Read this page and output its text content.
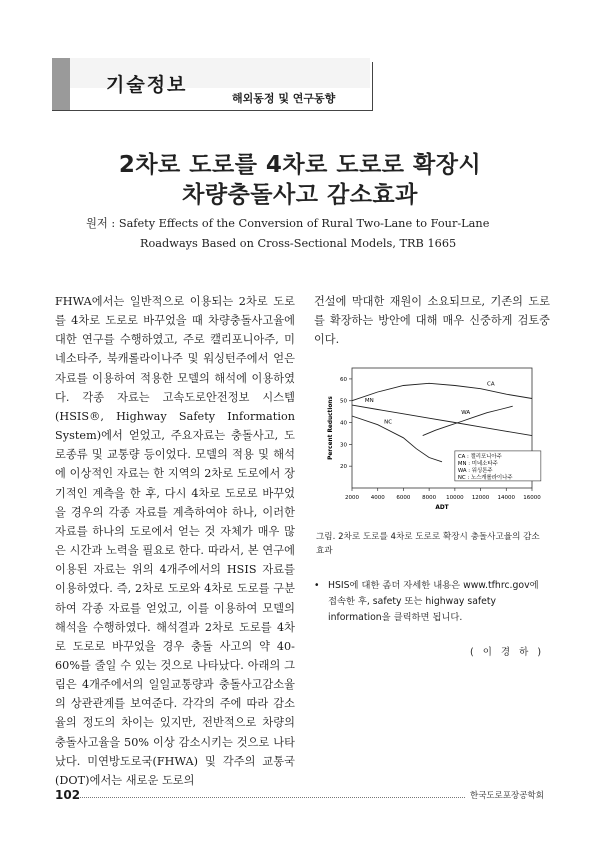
기술정보
해외동정 및 연구동향
2차로 도로를 4차로 도로로 확장시
차량충돌사고 감소효과
원저 : Safety Effects of the Conversion of Rural Two-Lane to Four-Lane
Roadways Based on Cross-Sectional Models, TRB 1665

FHWA에서는 일반적으로 이용되는 2차로 도로를 4차로 도로로 바꾸었을 때 차량충돌사고율에 대한 연구를 수행하였고, 주로 캘리포니아주, 미네소타주, 북캐롤라이나주 및 워싱턴주에서 얻은 자료를 이용하여 적용한 모델의 해석에 이용하였다. 각종 자료는 고속도로안전정보 시스템(HSIS®, Highway Safety Information System)에서 얻었고, 주요자료는 충돌사고, 도로종류 및 교통량 등이었다. 모델의 적용 및 해석에 이상적인 자료는 한 지역의 2차로 도로에서 장기적인 계측을 한 후, 다시 4차로 도로로 바꾸었을 경우의 각종 자료를 계측하여야 하나, 이러한 자료를 하나의 도로에서 얻는 것 자체가 매우 많은 시간과 노력을 필요로 한다. 따라서, 본 연구에 이용된 자료는 위의 4개주에서의 HSIS 자료를 이용하였다. 즉, 2차로 도로와 4차로 도로를 구분하여 각종 자료를 얻었고, 이를 이용하여 모델의 해석을 수행하였다. 해석결과 2차로 도로를 4차로 도로로 바꾸었을 경우 충돌 사고의 약 40-60%를 줄일 수 있는 것으로 나타났다. 아래의 그림은 4개주에서의 일일교통량과 충돌사고감소율의 상관관계를 보여준다. 각각의 주에 따라 감소율의 정도의 차이는 있지만, 전반적으로 차량의 충돌사고율을 50% 이상 감소시키는 것으로 나타났다. 미연방도로국(FHWA) 및 각주의 교통국(DOT)에서는 새로운 도로의

건설에 막대한 재원이 소요되므로, 기존의 도로를 확장하는 방안에 대해 매우 신중하게 검토중이다.

2000 4000 6000 8000 10000 12000 14000 16000
20
30
40
50
60
ADT
Percent Reductions
CA
MN
WA
NC
CA : 캘리포니아주
MN : 미네소타주
WA : 워싱톤주
NC : 노스캐롤라이나주
그림. 2차로 도로를 4차로 도로로 확장시 충돌사고율의 감소효과
• HSIS에 대한 좀더 자세한 내용은 www.tfhrc.gov에 접속한 후, safety 또는 highway safety information을 클릭하면 됩니다.
( 이 경 하 )
102	한국도로포장공학회
